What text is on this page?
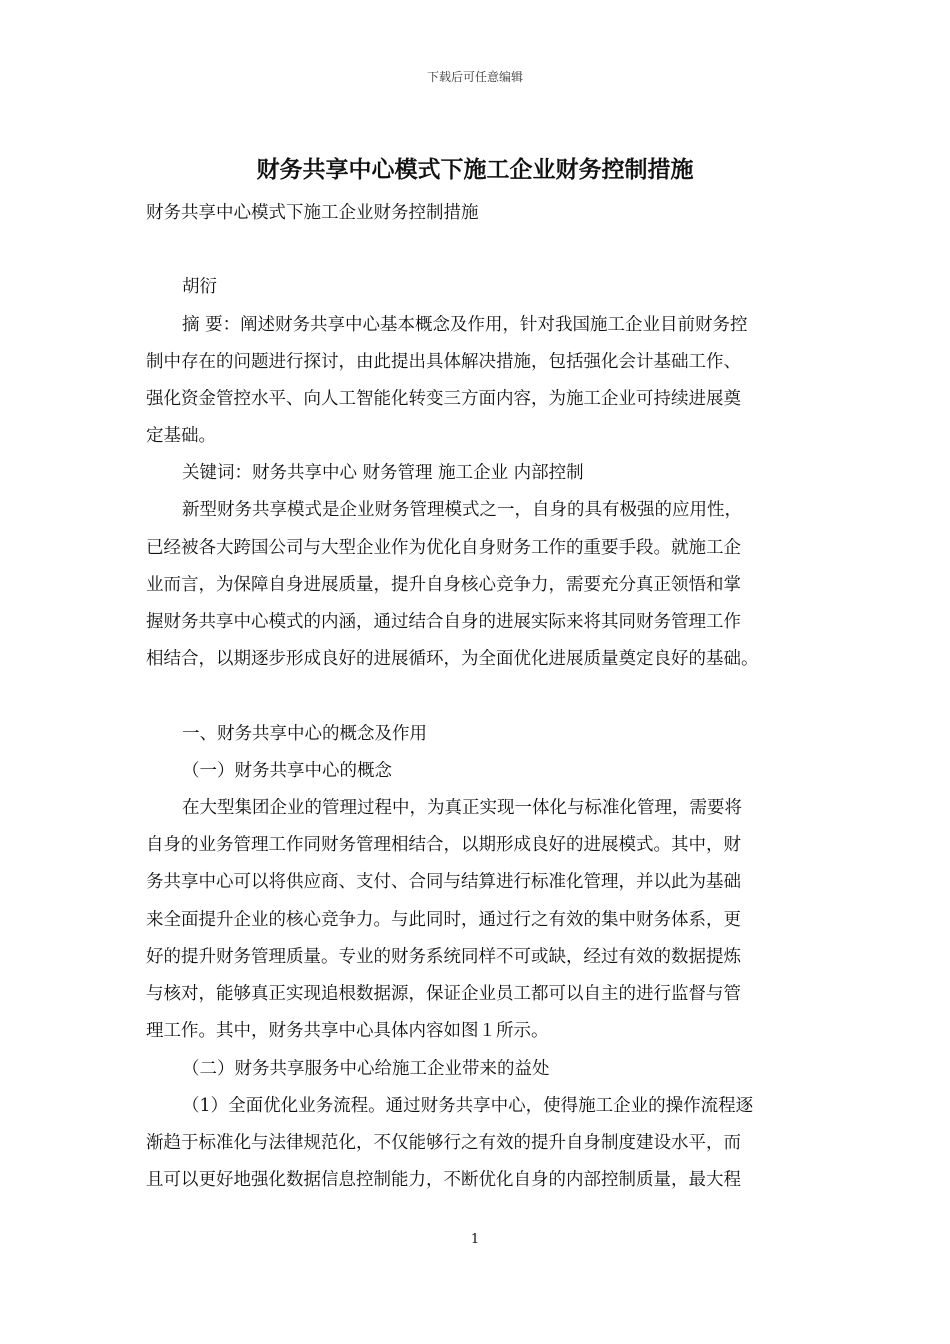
下载后可任意编辑
财务共享中心模式下施工企业财务控制措施
财务共享中心模式下施工企业财务控制措施
胡衍
摘 要：阐述财务共享中心基本概念及作用，针对我国施工企业目前财务控
制中存在的问题进行探讨，由此提出具体解决措施，包括强化会计基础工作、
强化资金管控水平、向人工智能化转变三方面内容，为施工企业可持续进展奠
定基础。
关键词：财务共享中心 财务管理 施工企业 内部控制
新型财务共享模式是企业财务管理模式之一，自身的具有极强的应用性，
已经被各大跨国公司与大型企业作为优化自身财务工作的重要手段。就施工企
业而言，为保障自身进展质量，提升自身核心竞争力，需要充分真正领悟和掌
握财务共享中心模式的内涵，通过结合自身的进展实际来将其同财务管理工作
相结合，以期逐步形成良好的进展循环，为全面优化进展质量奠定良好的基础。
一、财务共享中心的概念及作用
（一）财务共享中心的概念
在大型集团企业的管理过程中，为真正实现一体化与标准化管理，需要将
自身的业务管理工作同财务管理相结合，以期形成良好的进展模式。其中，财
务共享中心可以将供应商、支付、合同与结算进行标准化管理，并以此为基础
来全面提升企业的核心竞争力。与此同时，通过行之有效的集中财务体系，更
好的提升财务管理质量。专业的财务系统同样不可或缺，经过有效的数据提炼
与核对，能够真正实现追根数据源，保证企业员工都可以自主的进行监督与管
理工作。其中，财务共享中心具体内容如图１所示。
（二）财务共享服务中心给施工企业带来的益处
（1）全面优化业务流程。通过财务共享中心，使得施工企业的操作流程逐
渐趋于标准化与法律规范化，不仅能够行之有效的提升自身制度建设水平，而
且可以更好地强化数据信息控制能力，不断优化自身的内部控制质量，最大程
1
